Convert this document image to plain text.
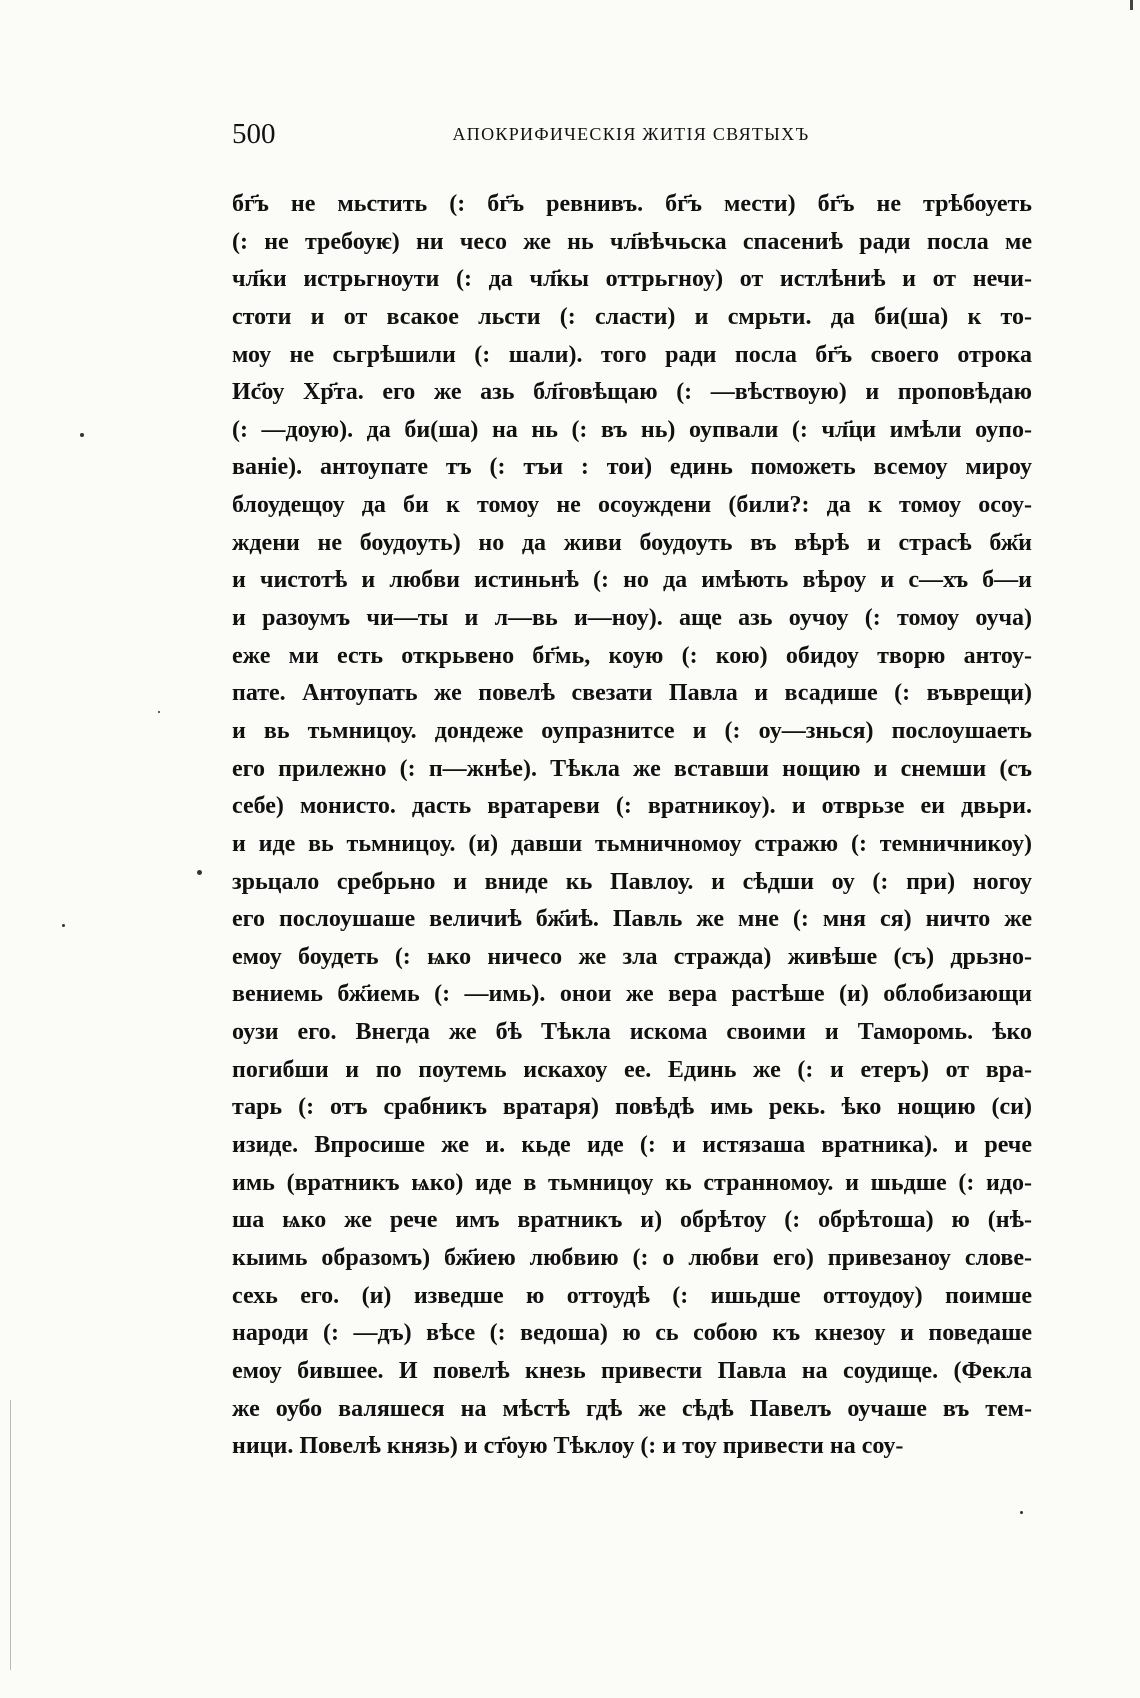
500	АПОКРИФИЧЕСКІЯ ЖИТІЯ СВЯТЫХЪ
бг҃ъ не мьстить (: бг҃ъ ревнивъ. бг҃ъ мести) бг҃ъ не трѣбоуеть
(: не требоуѥ) ни чесо же нь чл҃вѣчьска спасениѣ ради посла ме
чл҃ки истрьгноути (: да чл҃кы оттрьгноу) от истлѣниѣ и от нечи-
стоти и от всакое льсти (: сласти) и смрьти. да би(ша) к то-
моу не сьгрѣшили (: шали). того ради посла бг҃ъ своего отрока
Ис҃оу Хр҃та. его же азь бл҃говѣщаю (: —вѣствоую) и проповѣдаю
(: —доую). да би(ша) на нь (: въ нь) оупвали (: чл҃ци имѣли оупо-
ванiе). антоупате тъ (: тъи : тои) единь поможеть всемоу мироу
блоудещоу да би к томоу не осоуждени (били?: да к томоу осоу-
ждени не боудоуть) но да живи боудоуть въ вѣрѣ и страсѣ бж҃и
и чистотѣ и любви истиньнѣ (: но да имѣють вѣроу и с—хъ б—и
и разоумъ чи—ты и л—вь и—ноу). аще азь оучоу (: томоу оуча)
еже ми есть открьвено бг҃мь, коую (: кою) обидоу творю антоу-
пате. Антоупать же повелѣ свезати Павла и всадише (: въврещи)
и вь тьмницоу. дондеже оупразнитсе и (: оу—зньcя) послоушаеть
его прилежно (: п—жнѣе). Тѣкла же вставши нощию и снемши (съ
себе) монисто. дасть вратареви (: вратникоу). и отврьзе еи двьри.
и иде вь тьмницоу. (и) давши тьмничномоу стражю (: темничникоу)
зрьцало сребрьно и вниде кь Павлоу. и сѣдши оу (: при) ногоу
его послоушаше величиѣ бж҃иѣ. Павль же мне (: мня ся) ничто же
емоу боудеть (: ѩко ничесо же зла стражда) живѣше (съ) дрьзно-
вениемь бж҃иемь (: —имь). онои же вера растѣше (и) облобизающи
оузи его. Внегда же бѣ Тѣкла искома своими и Таморомь. ѣко
погибши и по поутемь искахоу ее. Единь же (: и етеръ) от вра-
тарь (: отъ срабникъ вратаря) повѣдѣ имь рекь. ѣко нощию (си)
изиде. Впросише же и. кьде иде (: и истязаша вратника). и рече
имь (вратникъ ѩко) иде в тьмницоу кь странномоу. и шьдше (: идо-
ша ѩко же рече имъ вратникъ и) обрѣтоу (: обрѣтоша) ю (нѣ-
кыимь образомъ) бж҃иею любвию (: о любви его) привезаноу слове-
сехь его. (и) изведше ю оттоудѣ (: ишьдше оттоудоу) поимше
народи (: —дъ) вѣсе (: ведоша) ю сь собою къ кнезоу и поведаше
емоу бившее. И повелѣ кнезь привести Павла на соудище. (Фекла
же оубо валяшеся на мѣстѣ гдѣ же сѣдѣ Павелъ оучаше въ тем-
ници. Повелѣ князь) и ст҃оую Тѣклоу (: и тоу привести на соу-
